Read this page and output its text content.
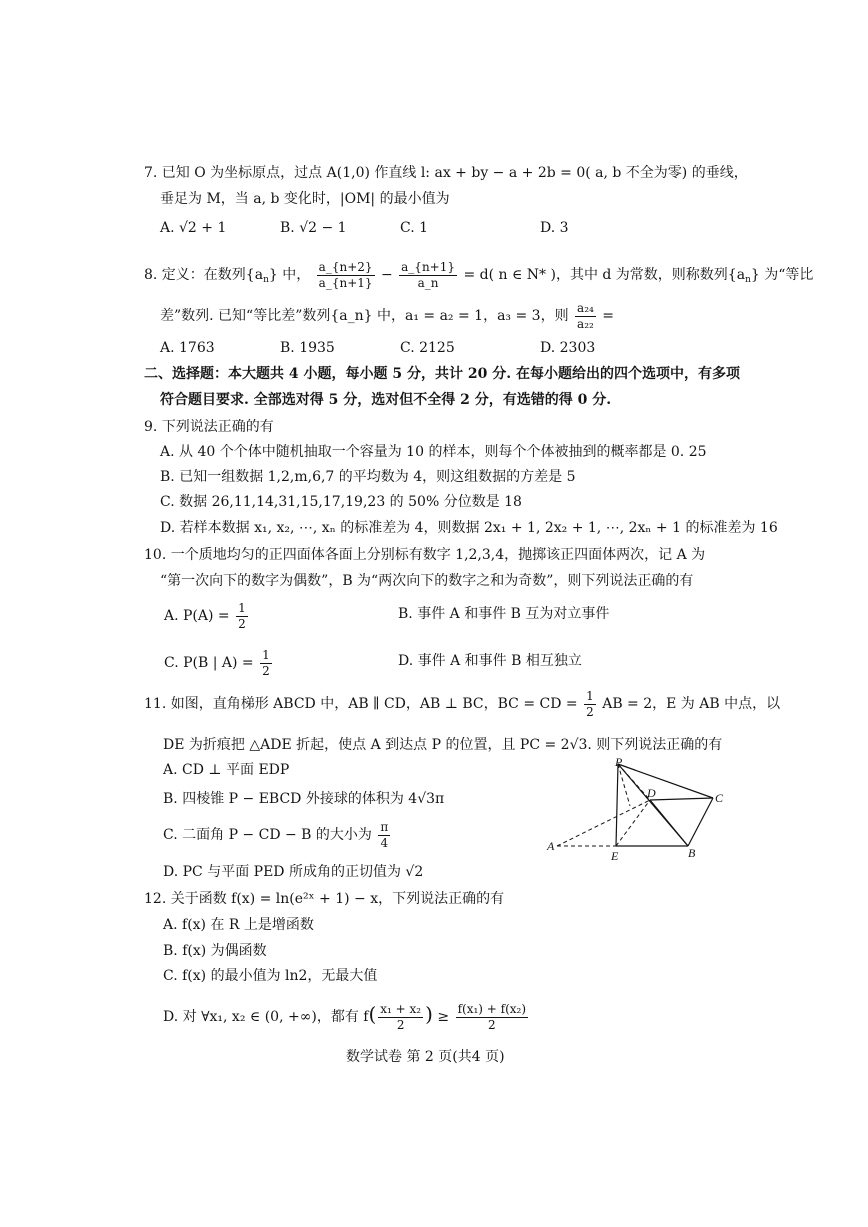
7. 已知 O 为坐标原点，过点 A(1,0) 作直线 l: ax + by − a + 2b = 0( a, b 不全为零) 的垂线，
垂足为 M，当 a, b 变化时，|OM| 的最小值为
A. √2 + 1	B. √2 − 1	C. 1	D. 3
8. 定义：在数列$\{a_n\}$ 中， $\frac{a\_\{n+2\}}{a\_\{n+1\}} - \frac{a\_\{n+1\}}{a\_n} = d$( n ∈ N* )，其中 d 为常数，则称数列$\{a_n\}$ 为“等比
差”数列. 已知“等比差”数列{a_n} 中，a₁ = a₂ = 1，a₃ = 3，则 $\frac{\text{a₂₄}}{\text{a₂₂}}$ =
A. 1763	B. 1935	C. 2125	D. 2303
二、选择题：本大题共 4 小题，每小题 5 分，共计 20 分. 在每小题给出的四个选项中，有多项
符合题目要求. 全部选对得 5 分，选对但不全得 2 分，有选错的得 0 分.
9. 下列说法正确的有
A. 从 40 个个体中随机抽取一个容量为 10 的样本，则每个个体被抽到的概率都是 0. 25
B. 已知一组数据 1,2,m,6,7 的平均数为 4，则这组数据的方差是 5
C. 数据 26,11,14,31,15,17,19,23 的 50% 分位数是 18
D. 若样本数据 x₁, x₂, ⋯, xₙ 的标准差为 4，则数据 2x₁ + 1, 2x₂ + 1, ⋯, 2xₙ + 1 的标准差为 16
10. 一个质地均匀的正四面体各面上分别标有数字 1,2,3,4，抛掷该正四面体两次，记 A 为
“第一次向下的数字为偶数”，B 为“两次向下的数字之和为奇数”，则下列说法正确的有
A. $P(A) = \frac{1}{2}$	B. 事件 A 和事件 B 互为对立事件
C. P(B | $A) = \frac{1}{2}$	D. 事件 A 和事件 B 相互独立
11. 如图，直角梯形 ABCD 中，AB ∥ CD，AB ⊥ BC，BC = CD = $\frac{1}{2}$ AB = 2，E 为 AB 中点，以
DE 为折痕把 △ADE 折起，使点 A 到达点 P 的位置，且 PC = 2√3. 则下列说法正确的有
A. CD ⊥ 平面 EDP
B. 四棱锥 P − EBCD 外接球的体积为 4√3π
C. 二面角 P − CD − B 的大小为 $\frac{\pi}{4}$
D. PC 与平面 PED 所成角的正切值为 √2
P
D	C
A
E	B
12. 关于函数 f(x) = ln(e²ˣ + 1) − x，下列说法正确的有
A. f(x) 在 R 上是增函数
B. f(x) 为偶函数
C. f(x) 的最小值为 ln2，无最大值
D. 对 ∀x₁, x₂ ∈ (0, +∞)，都有 $f( \frac{\text{x₁ + x₂}}{2}$ ) ≥ $\frac{\text{f(x₁) + f(x₂)}}{2}$
数学试卷 第 2 页(共4 页)
